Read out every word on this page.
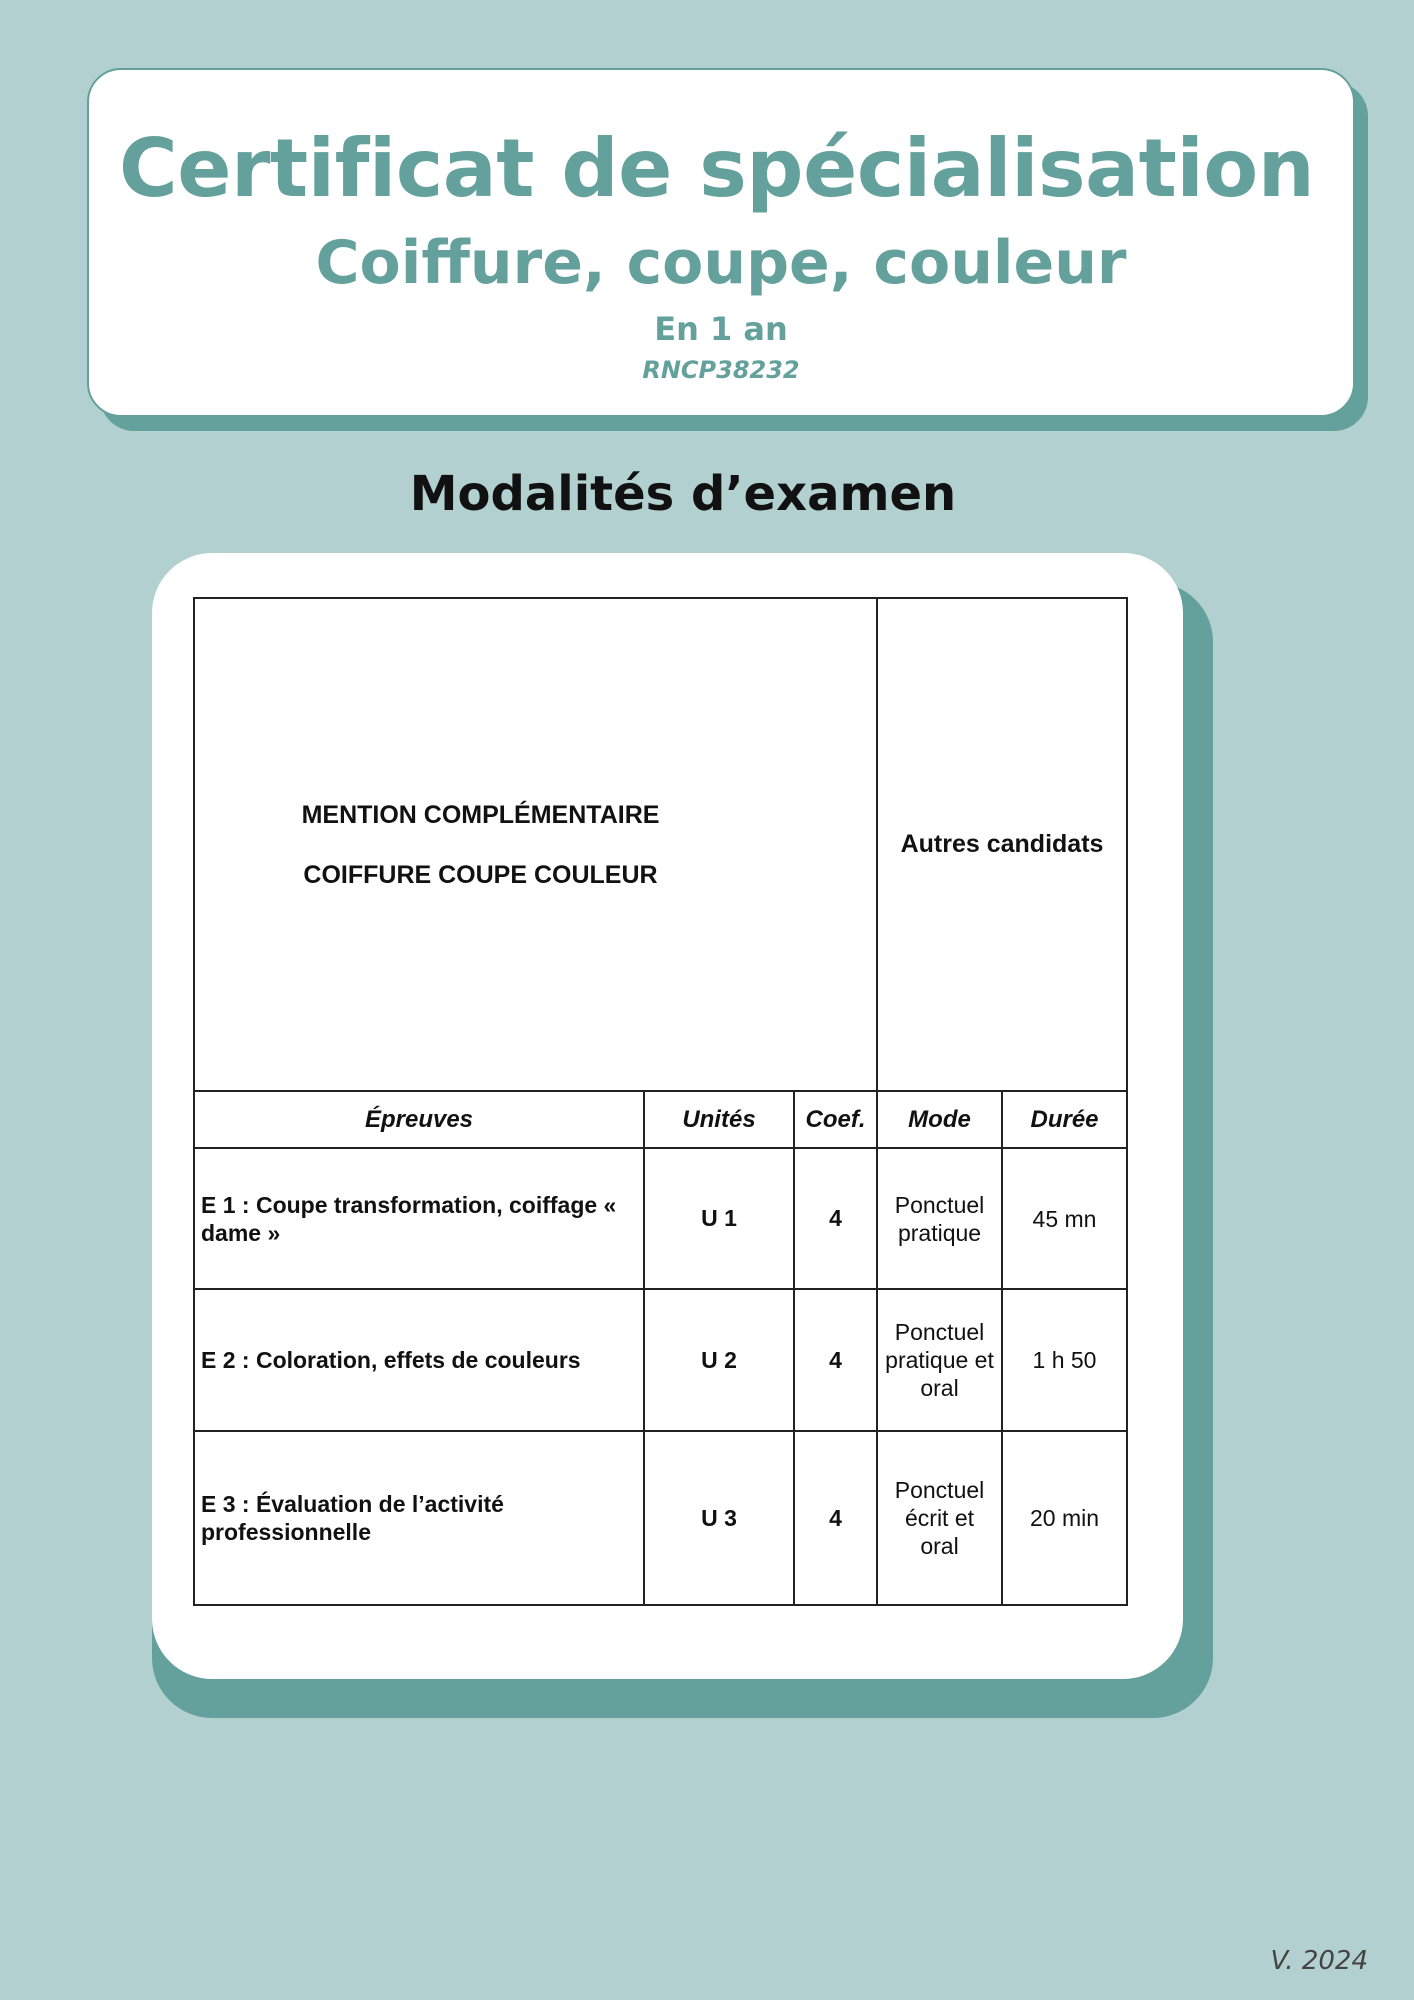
Certificat de spécialisation
Coiffure, coupe, couleur
En 1 an
RNCP38232
Modalités d’examen
MENTION COMPLÉMENTAIRE
COIFFURE COUPE COULEUR			Autres candidats	
Épreuves	Unités	Coef.	Mode	Durée
E 1 : Coupe transformation, coiffage « dame »	U 1	4	Ponctuel pratique	45 mn
E 2 : Coloration, effets de couleurs	U 2	4	Ponctuel pratique et oral	1 h 50
E 3 : Évaluation de l’activité professionnelle	U 3	4	Ponctuel écrit et oral	20 min
V. 2024
